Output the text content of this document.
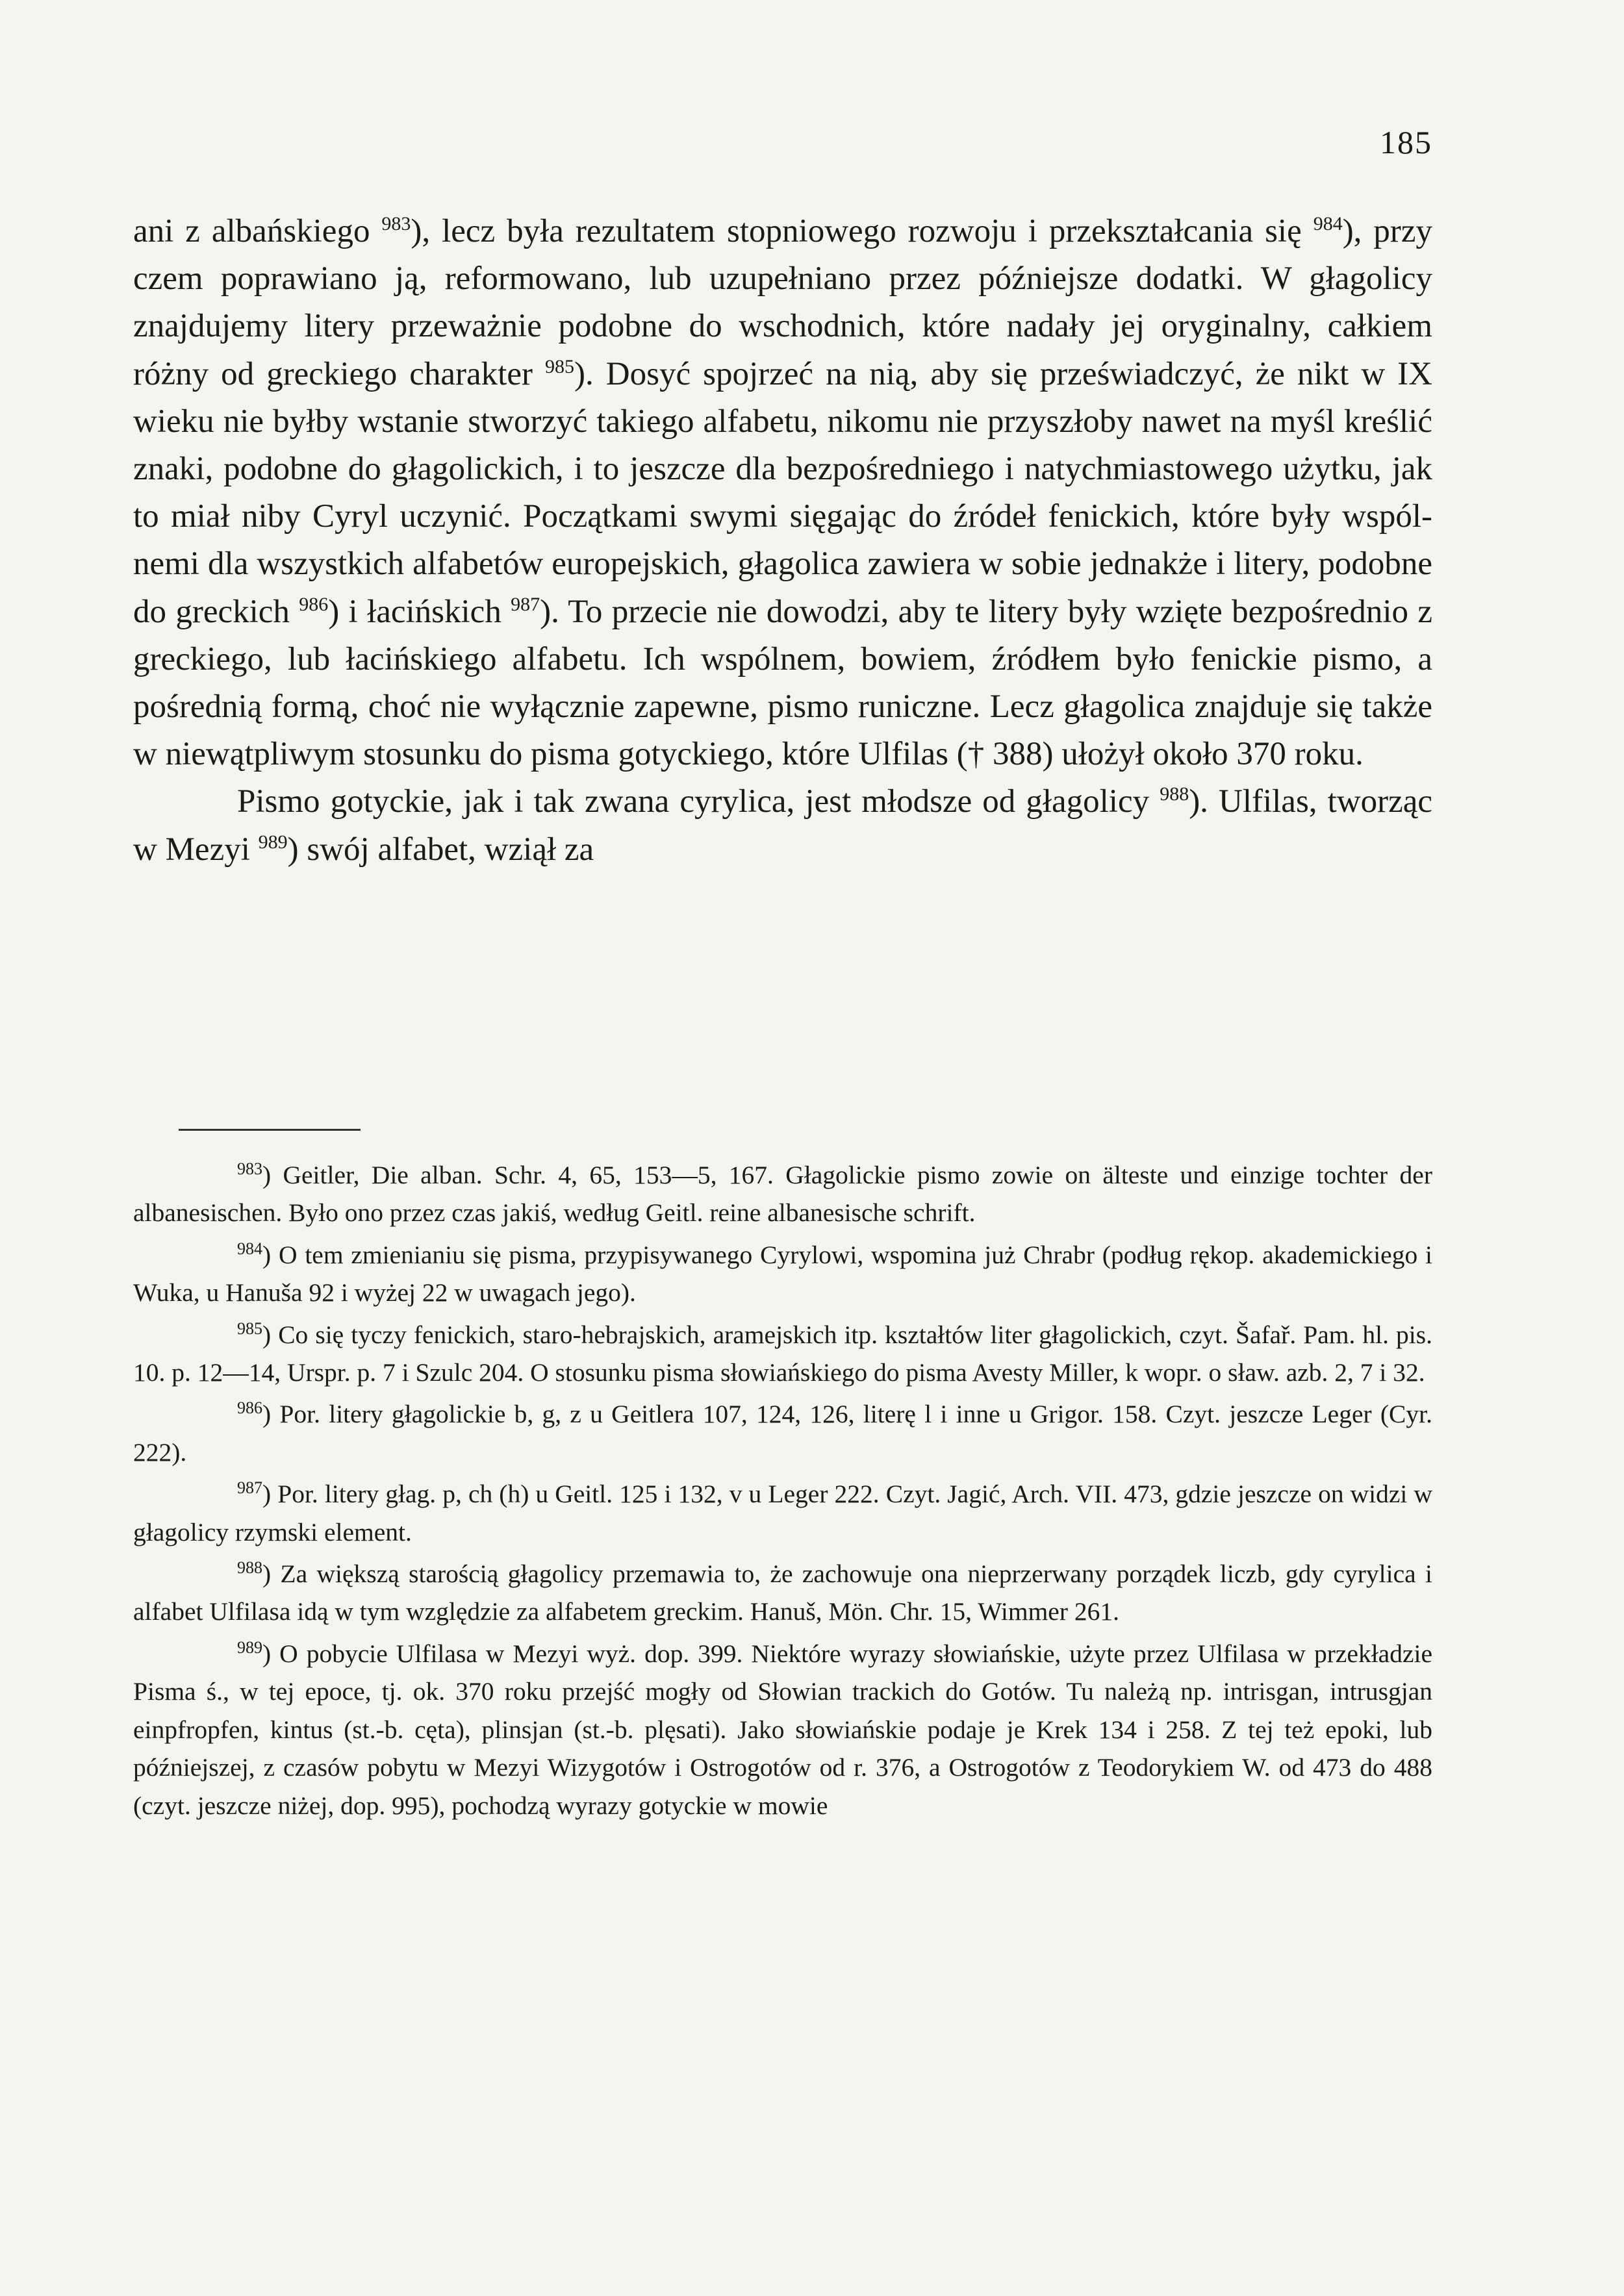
185

ani z albańskiego $^{983}$), lecz była rezultatem stopniowego rozwoju i przekształcania się $^{984}$), przy czem poprawiano ją, reformowano, lub uzupełniano przez późniejsze dodatki. W głagolicy znajdujemy litery przeważnie podobne do wschodnich, które nadały jej oryginalny, całkiem różny od greckiego charakter $^{985}$). Dosyć spojrzeć na nią, aby się przeświadczyć, że nikt w IX wieku nie byłby wstanie stworzyć takiego alfabetu, nikomu nie przyszłoby nawet na myśl kreślić znaki, podobne do głagolickich, i to jeszcze dla bezpośredniego i natychmiastowego użytku, jak to miał niby Cyryl uczynić. Początkami swymi sięgając do źródeł fenickich, które były wspólnemi dla wszystkich alfabetów europejskich, głagolica zawiera w sobie jednakże i litery, podobne do greckich $^{986}$) i łacińskich $^{987}$). To przecie nie dowodzi, aby te litery były wzięte bezpośrednio z greckiego, lub łacińskiego alfabetu. Ich wspólnem, bowiem, źródłem było fenickie pismo, a pośrednią formą, choć nie wyłącznie zapewne, pismo runiczne. Lecz głagolica znajduje się także w niewątpliwym stosunku do pisma gotyckiego, które Ulfilas († 388) ułożył około 370 roku.

Pismo gotyckie, jak i tak zwana cyrylica, jest młodsze od głagolicy $^{988}$). Ulfilas, tworząc w Mezyi $^{989}$) swój alfabet, wziął za

$^{983}$) Geitler, Die alban. Schr. 4, 65, 153—5, 167. Głagolickie pismo zowie on älteste und einzige tochter der albanesischen. Było ono przez czas jakiś, według Geitl. reine albanesische schrift.

$^{984}$) O tem zmienianiu się pisma, przypisywanego Cyrylowi, wspomina już Chrabr (podług rękop. akademickiego i Wuka, u Hanuša 92 i wyżej 22 w uwagach jego).

$^{985}$) Co się tyczy fenickich, staro-hebrajskich, aramejskich itp. kształtów liter głagolickich, czyt. Šafař. Pam. hl. pis. 10. p. 12—14, Urspr. p. 7 i Szulc 204. O stosunku pisma słowiańskiego do pisma Avesty Miller, k wopr. o sław. azb. 2, 7 i 32.

$^{986}$) Por. litery głagolickie b, g, z u Geitlera 107, 124, 126, literę l i inne u Grigor. 158. Czyt. jeszcze Leger (Cyr. 222).

$^{987}$) Por. litery głag. p, ch (h) u Geitl. 125 i 132, v u Leger 222. Czyt. Jagić, Arch. VII. 473, gdzie jeszcze on widzi w głagolicy rzymski element.

$^{988}$) Za większą starością głagolicy przemawia to, że zachowuje ona nieprzerwany porządek liczb, gdy cyrylica i alfabet Ulfilasa idą w tym względzie za alfabetem greckim. Hanuš, Mön. Chr. 15, Wimmer 261.

$^{989}$) O pobycie Ulfilasa w Mezyi wyż. dop. 399. Niektóre wyrazy słowiańskie, użyte przez Ulfilasa w przekładzie Pisma ś., w tej epoce, tj. ok. 370 roku przejść mogły od Słowian trackich do Gotów. Tu należą np. intrisgan, intrusgjan einpfropfen, kintus (st.-b. cęta), plinsjan (st.-b. plęsati). Jako słowiańskie podaje je Krek 134 i 258. Z tej też epoki, lub późniejszej, z czasów pobytu w Mezyi Wizygotów i Ostrogotów od r. 376, a Ostrogotów z Teodorykiem W. od 473 do 488 (czyt. jeszcze niżej, dop. 995), pochodzą wyrazy gotyckie w mowie
